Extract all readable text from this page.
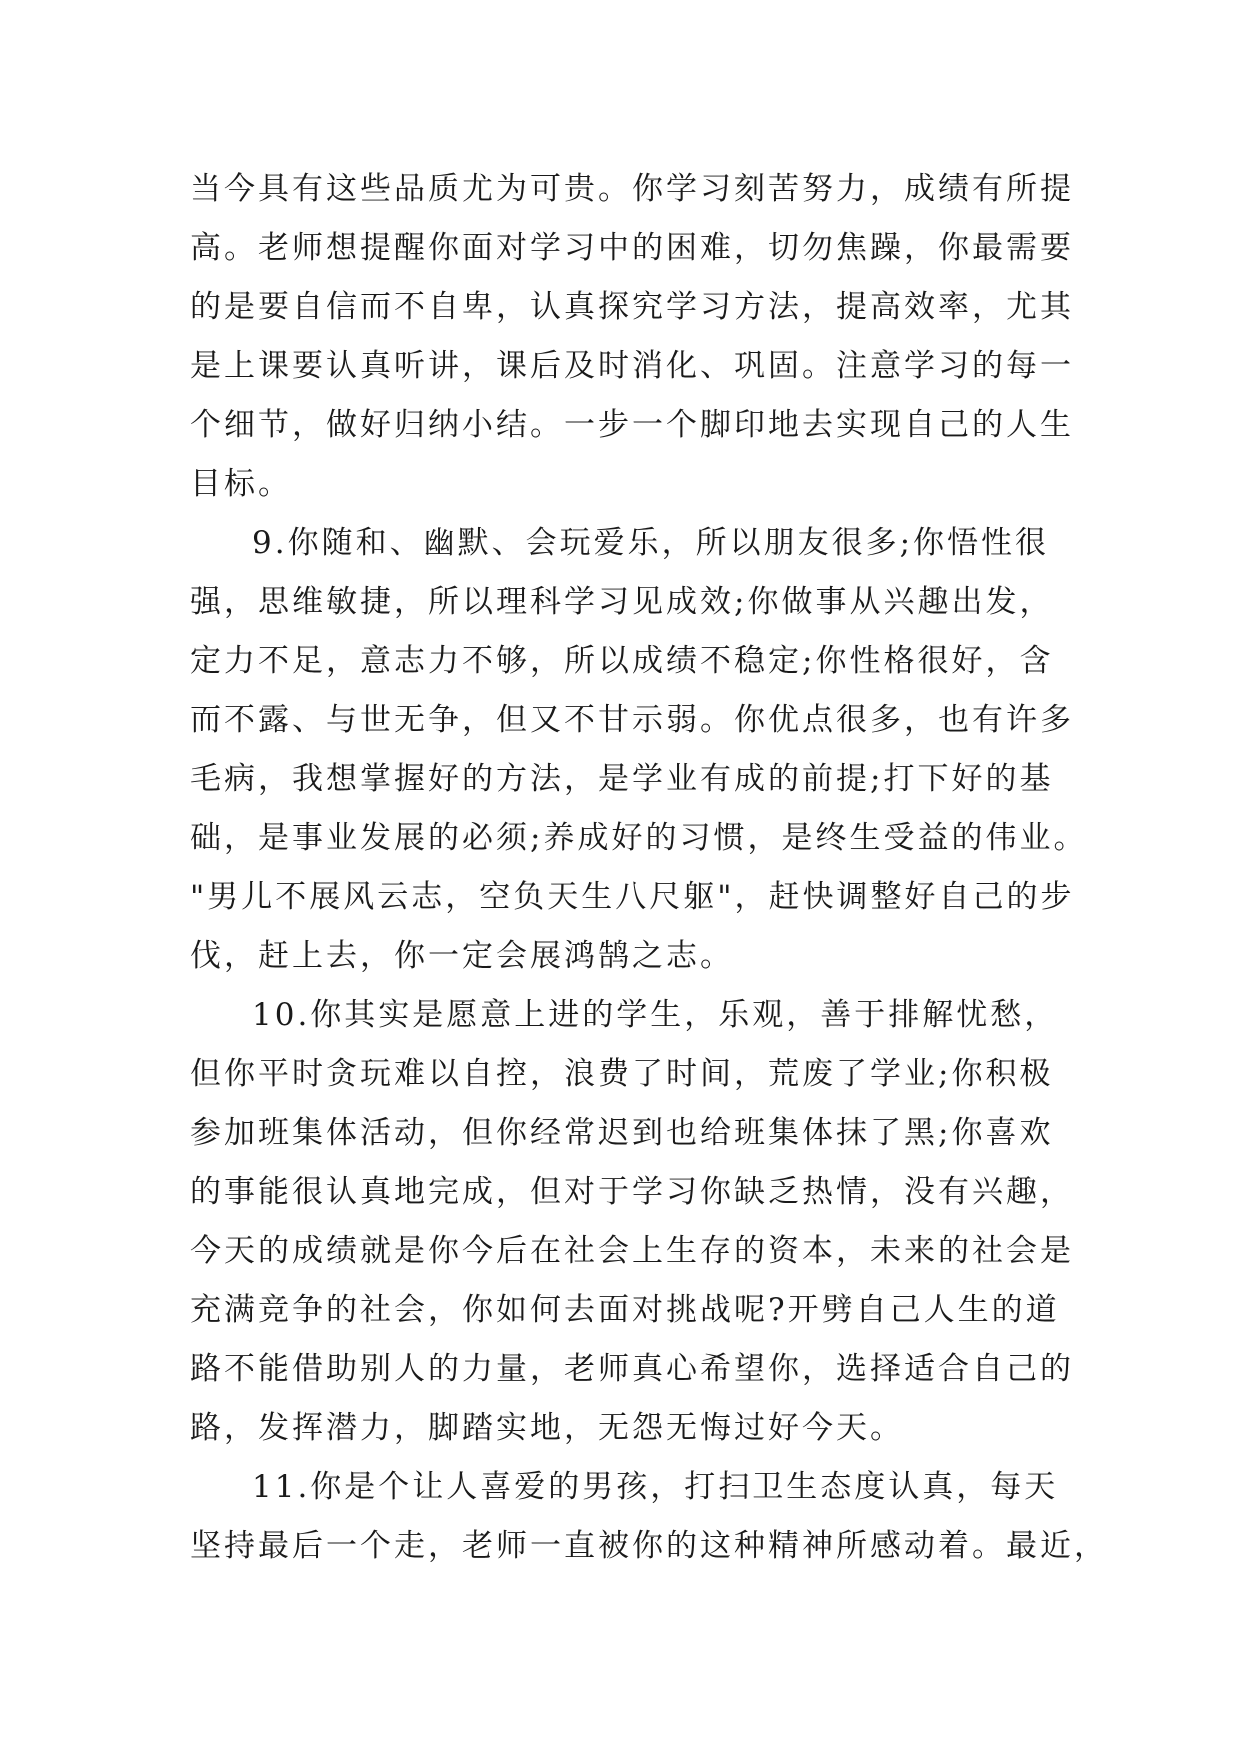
当今具有这些品质尤为可贵。你学习刻苦努力，成绩有所提
高。老师想提醒你面对学习中的困难，切勿焦躁，你最需要
的是要自信而不自卑，认真探究学习方法，提高效率，尤其
是上课要认真听讲，课后及时消化、巩固。注意学习的每一
个细节，做好归纳小结。一步一个脚印地去实现自己的人生
目标。
9.你随和、幽默、会玩爱乐，所以朋友很多;你悟性很
强，思维敏捷，所以理科学习见成效;你做事从兴趣出发，
定力不足，意志力不够，所以成绩不稳定;你性格很好，含
而不露、与世无争，但又不甘示弱。你优点很多，也有许多
毛病，我想掌握好的方法，是学业有成的前提;打下好的基
础，是事业发展的必须;养成好的习惯，是终生受益的伟业。
"男儿不展风云志，空负天生八尺躯"，赶快调整好自己的步
伐，赶上去，你一定会展鸿鹄之志。
10.你其实是愿意上进的学生，乐观，善于排解忧愁，
但你平时贪玩难以自控，浪费了时间，荒废了学业;你积极
参加班集体活动，但你经常迟到也给班集体抹了黑;你喜欢
的事能很认真地完成，但对于学习你缺乏热情，没有兴趣，
今天的成绩就是你今后在社会上生存的资本，未来的社会是
充满竞争的社会，你如何去面对挑战呢?开劈自己人生的道
路不能借助别人的力量，老师真心希望你，选择适合自己的
路，发挥潜力，脚踏实地，无怨无悔过好今天。
11.你是个让人喜爱的男孩，打扫卫生态度认真，每天
坚持最后一个走，老师一直被你的这种精神所感动着。最近，
